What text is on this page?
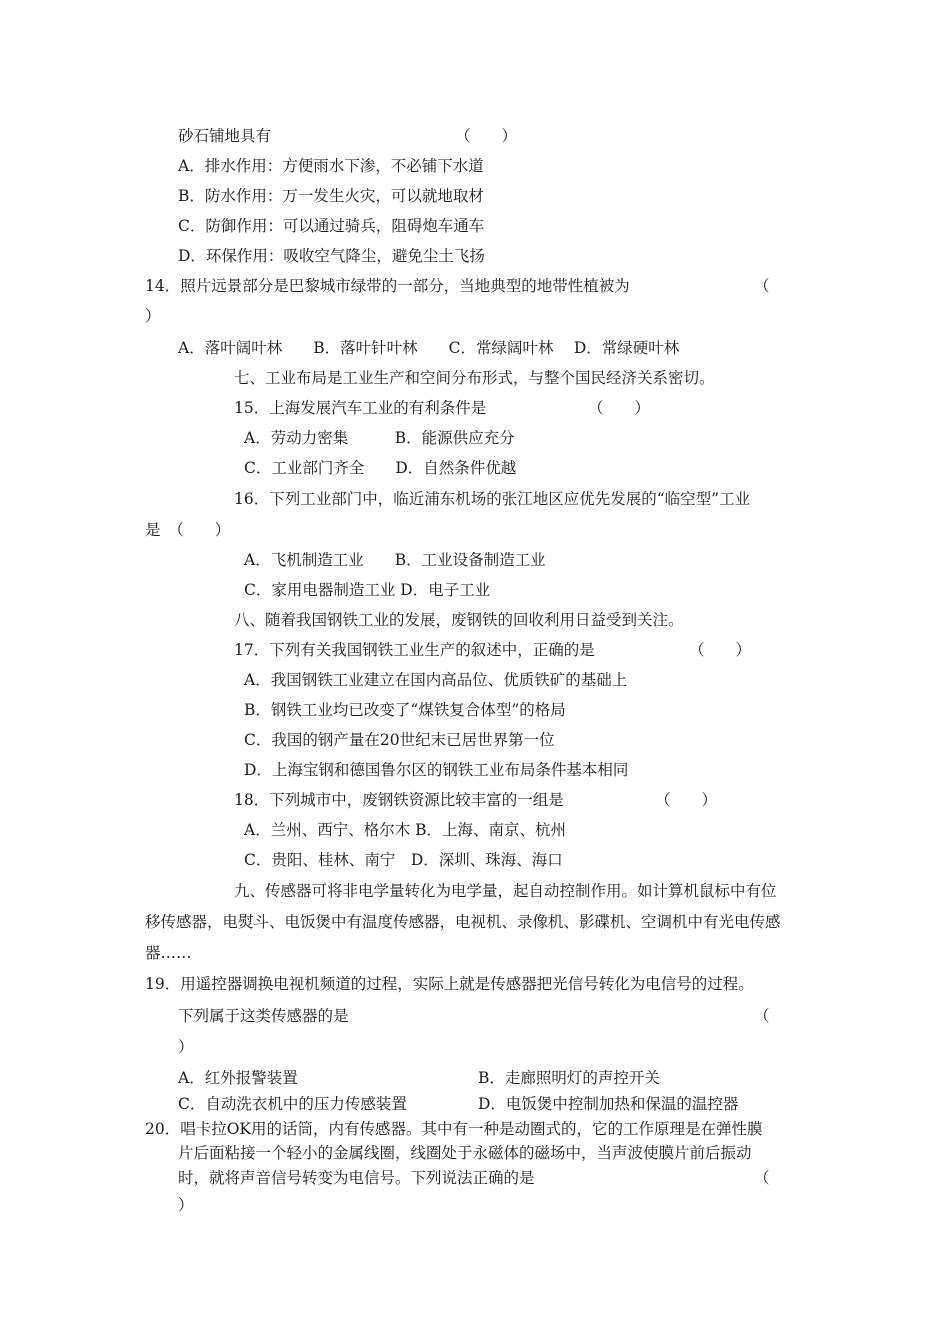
砂石铺地具有	（　　）
A．排水作用：方便雨水下渗，不必铺下水道
B．防水作用：万一发生火灾，可以就地取材
C．防御作用：可以通过骑兵，阻碍炮车通车
D．环保作用：吸收空气降尘，避免尘土飞扬
14．照片远景部分是巴黎城市绿带的一部分，当地典型的地带性植被为	（
）
A．落叶阔叶林　　B．落叶针叶林　　C．常绿阔叶林　 D．常绿硬叶林
七、工业布局是工业生产和空间分布形式，与整个国民经济关系密切。
15．上海发展汽车工业的有利条件是	（　　）
A．劳动力密集　　　B．能源供应充分
C．工业部门齐全　　D．自然条件优越
16．下列工业部门中，临近浦东机场的张江地区应优先发展的“临空型”工业
是　（　　）
A．飞机制造工业　　B．工业设备制造工业
C．家用电器制造工业 D．电子工业
八、随着我国钢铁工业的发展，废钢铁的回收利用日益受到关注。
17．下列有关我国钢铁工业生产的叙述中，正确的是	（　　）
A．我国钢铁工业建立在国内高品位、优质铁矿的基础上
B．钢铁工业均已改变了“煤铁复合体型”的格局
C．我国的钢产量在20世纪末已居世界第一位
D．上海宝钢和德国鲁尔区的钢铁工业布局条件基本相同
18．下列城市中，废钢铁资源比较丰富的一组是	（　　）
A．兰州、西宁、格尔木 B．上海、南京、杭州
C．贵阳、桂林、南宁　D．深圳、珠海、海口
九、传感器可将非电学量转化为电学量，起自动控制作用。如计算机鼠标中有位
移传感器，电熨斗、电饭煲中有温度传感器，电视机、录像机、影碟机、空调机中有光电传感
器……
19．用遥控器调换电视机频道的过程，实际上就是传感器把光信号转化为电信号的过程。
下列属于这类传感器的是	（
）
A．红外报警装置	B．走廊照明灯的声控开关
C．自动洗衣机中的压力传感装置	D．电饭煲中控制加热和保温的温控器
20．唱卡拉OK用的话筒，内有传感器。其中有一种是动圈式的，它的工作原理是在弹性膜
片后面粘接一个轻小的金属线圈，线圈处于永磁体的磁场中，当声波使膜片前后振动
时，就将声音信号转变为电信号。下列说法正确的是	（
）
